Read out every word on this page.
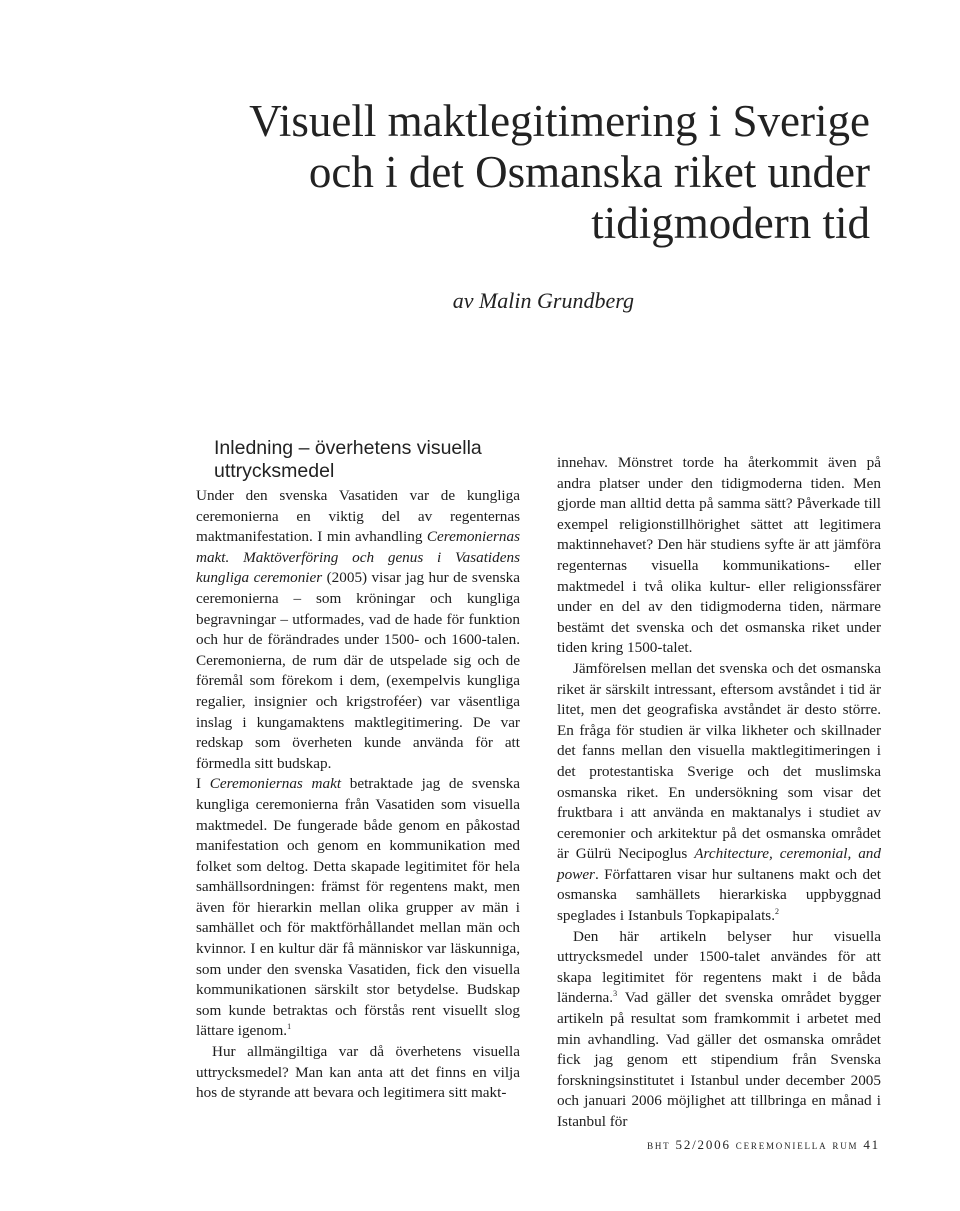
Visuell maktlegitimering i Sverige
och i det Osmanska riket under
tidigmodern tid
av Malin Grundberg
Inledning – överhetens visuella uttrycksmedel

Under den svenska Vasatiden var de kungliga ceremonierna en viktig del av regenternas maktmanifestation. I min avhandling Ceremoniernas makt. Maktöverföring och genus i Vasatidens kungliga ceremonier (2005) visar jag hur de svenska ceremonierna – som kröningar och kungliga begravningar – utformades, vad de hade för funktion och hur de förändrades under 1500- och 1600-talen. Ceremonierna, de rum där de utspelade sig och de föremål som förekom i dem, (exempelvis kungliga regalier, insignier och krigstroféer) var väsentliga inslag i kungamaktens maktlegitimering. De var redskap som överheten kunde använda för att förmedla sitt budskap.

I Ceremoniernas makt betraktade jag de svenska kungliga ceremonierna från Vasatiden som visuella maktmedel. De fungerade både genom en påkostad manifestation och genom en kommunikation med folket som deltog. Detta skapade legitimitet för hela samhällsordningen: främst för regentens makt, men även för hierarkin mellan olika grupper av män i samhället och för maktförhållandet mellan män och kvinnor. I en kultur där få människor var läskunniga, som under den svenska Vasatiden, fick den visuella kommunikationen särskilt stor betydelse. Budskap som kunde betraktas och förstås rent visuellt slog lättare igenom.$^1$

Hur allmängiltiga var då överhetens visuella uttrycksmedel? Man kan anta att det finns en vilja hos de styrande att bevara och legitimera sitt makt-

innehav. Mönstret torde ha återkommit även på andra platser under den tidigmoderna tiden. Men gjorde man alltid detta på samma sätt? Påverkade till exempel religionstillhörighet sättet att legitimera maktinnehavet? Den här studiens syfte är att jämföra regenternas visuella kommunikations- eller maktmedel i två olika kultur- eller religionssfärer under en del av den tidigmoderna tiden, närmare bestämt det svenska och det osmanska riket under tiden kring 1500-talet.

Jämförelsen mellan det svenska och det osmanska riket är särskilt intressant, eftersom avståndet i tid är litet, men det geografiska avståndet är desto större. En fråga för studien är vilka likheter och skillnader det fanns mellan den visuella maktlegitimeringen i det protestantiska Sverige och det muslimska osmanska riket. En undersökning som visar det fruktbara i att använda en maktanalys i studiet av ceremonier och arkitektur på det osmanska området är Gülrü Necipoglus Architecture, ceremonial, and power. Författaren visar hur sultanens makt och det osmanska samhällets hierarkiska uppbyggnad speglades i Istanbuls Topkapipalats.$^2$

Den här artikeln belyser hur visuella uttrycksmedel under 1500-talet användes för att skapa legitimitet för regentens makt i de båda länderna.$^3$ Vad gäller det svenska området bygger artikeln på resultat som framkommit i arbetet med min avhandling. Vad gäller det osmanska området fick jag genom ett stipendium från Svenska forskningsinstitutet i Istanbul under december 2005 och januari 2006 möjlighet att tillbringa en månad i Istanbul för

bht 52/2006 ceremoniella rum 41
